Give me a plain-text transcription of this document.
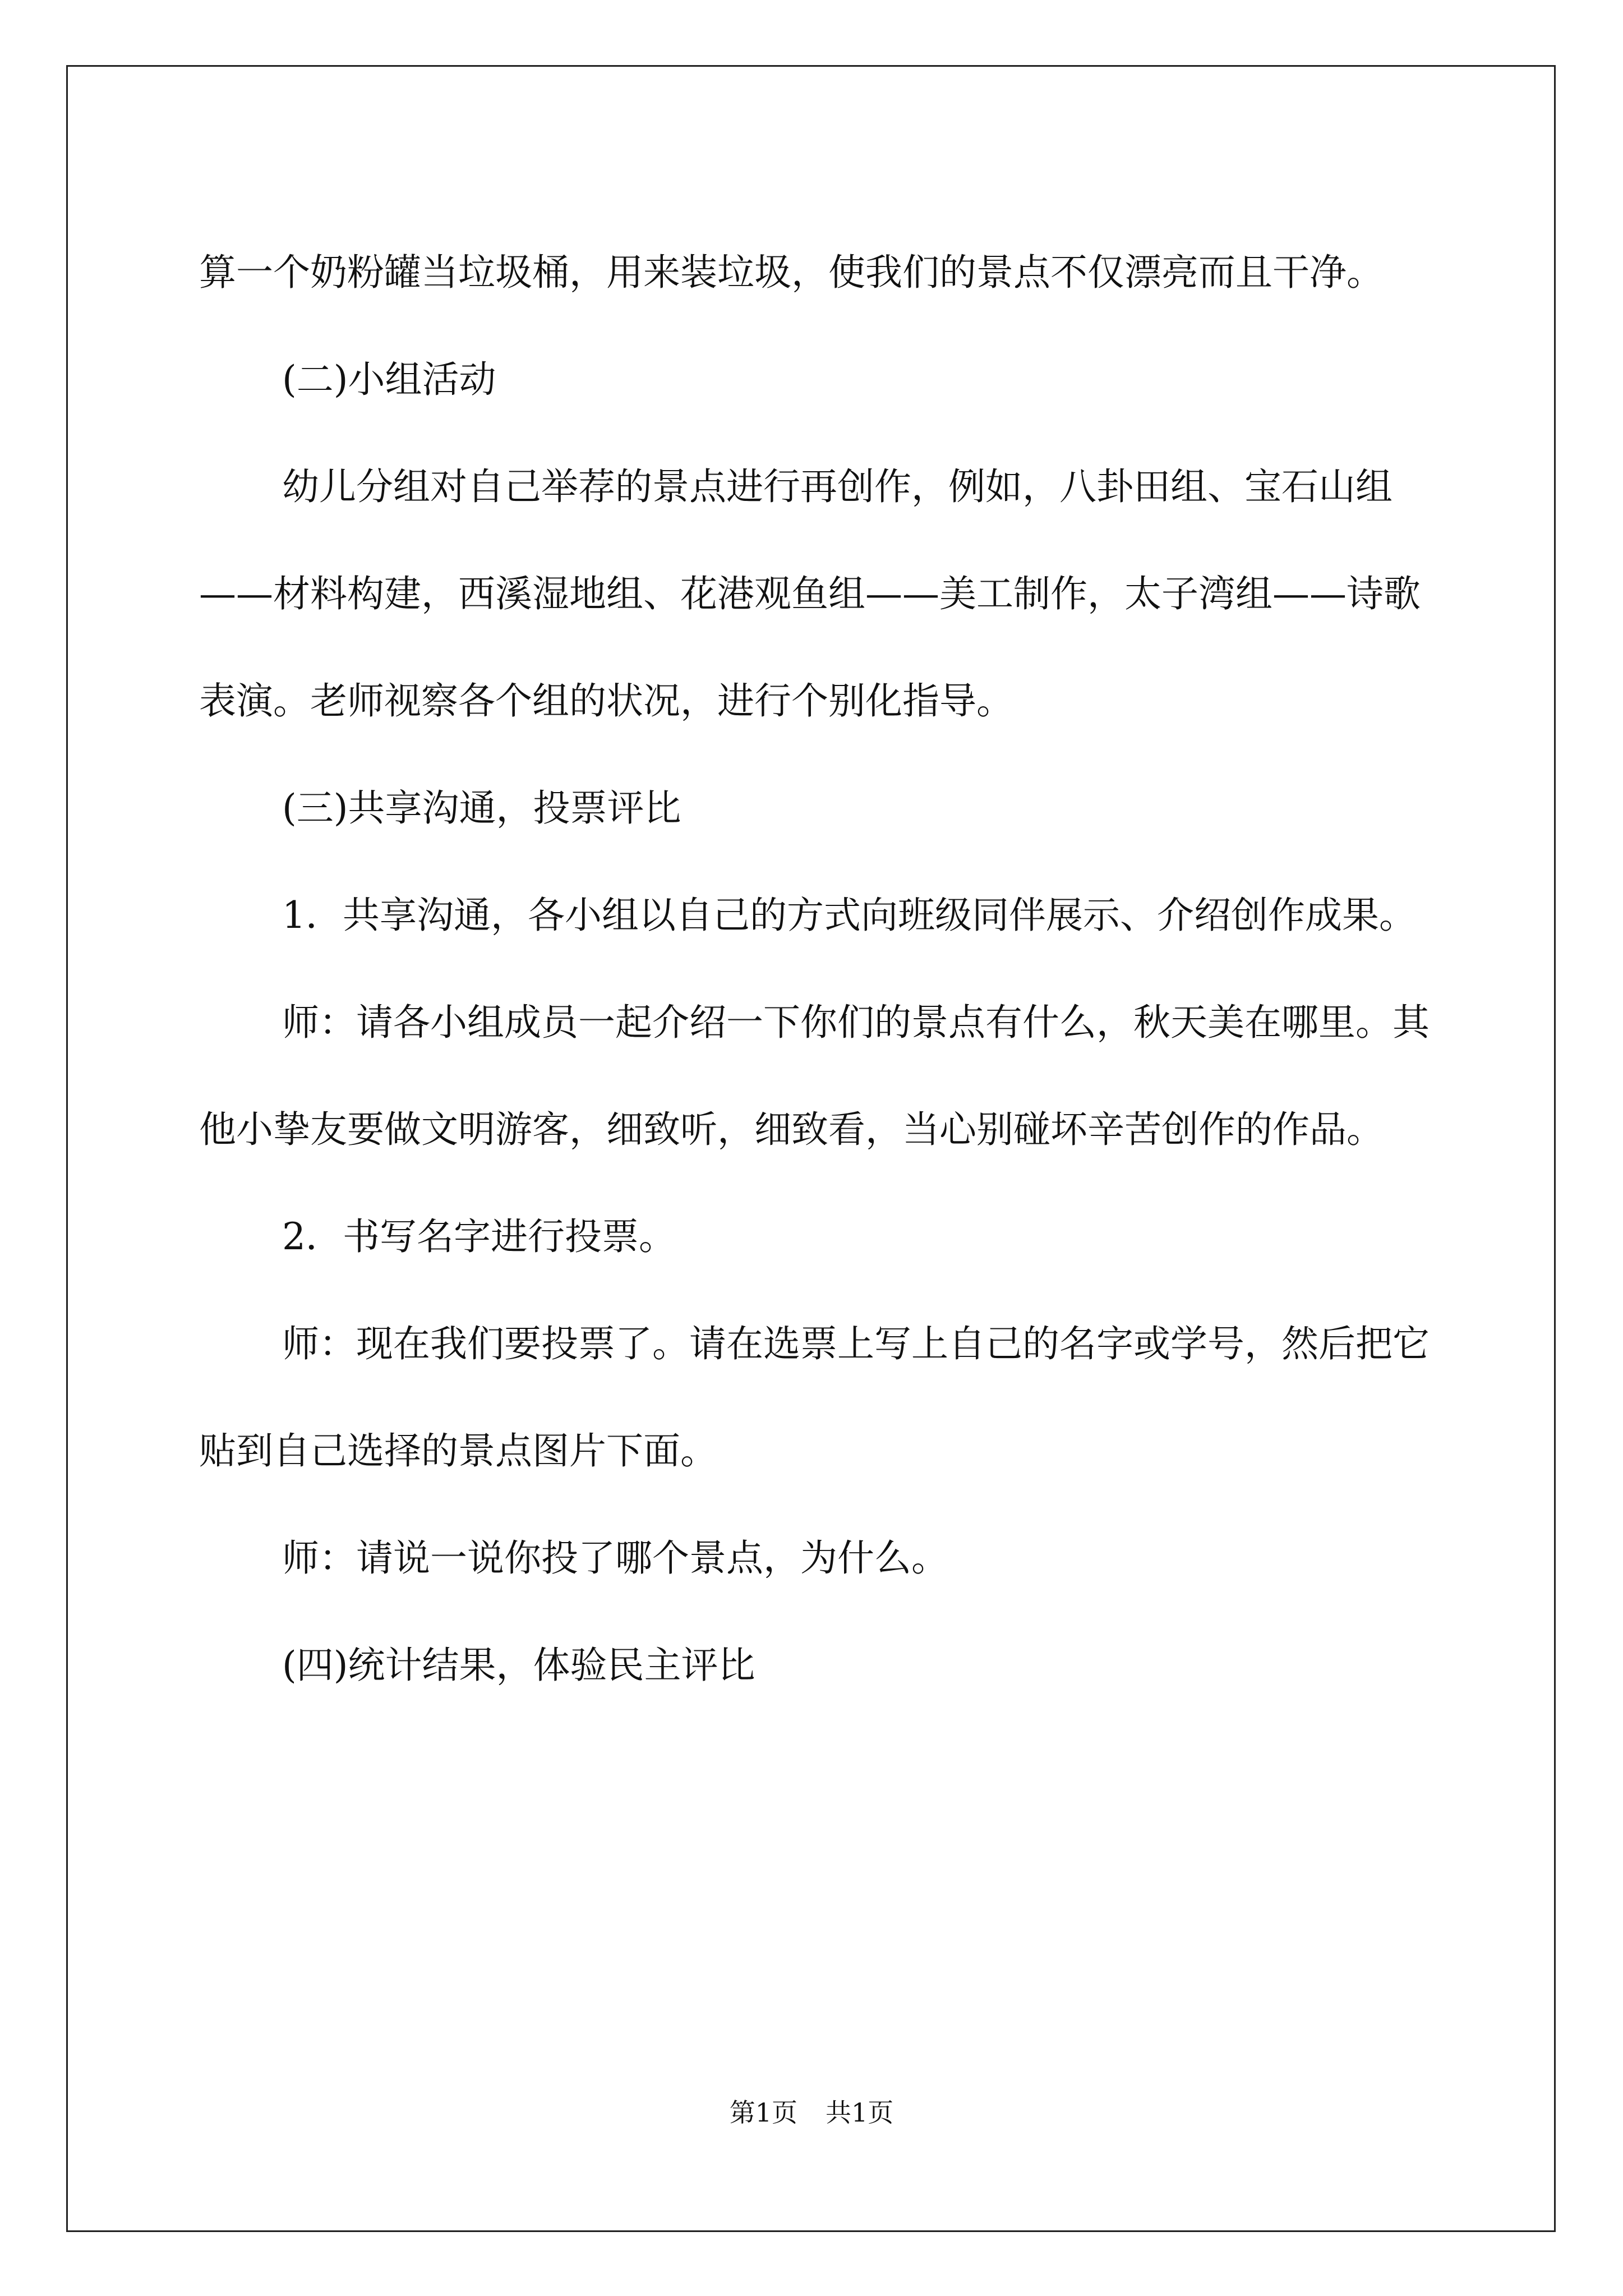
算一个奶粉罐当垃圾桶，用来装垃圾，使我们的景点不仅漂亮而且干净。

(二)小组活动

幼儿分组对自己举荐的景点进行再创作，例如，八卦田组、宝石山组——材料构建，西溪湿地组、花港观鱼组——美工制作，太子湾组——诗歌表演。老师视察各个组的状况，进行个别化指导。

(三)共享沟通，投票评比

1．共享沟通，各小组以自己的方式向班级同伴展示、介绍创作成果。

师：请各小组成员一起介绍一下你们的景点有什么，秋天美在哪里。其他小挚友要做文明游客，细致听，细致看，当心别碰坏辛苦创作的作品。

2．书写名字进行投票。

师：现在我们要投票了。请在选票上写上自己的名字或学号，然后把它贴到自己选择的景点图片下面。

师：请说一说你投了哪个景点，为什么。

(四)统计结果，体验民主评比

第1页 共1页
